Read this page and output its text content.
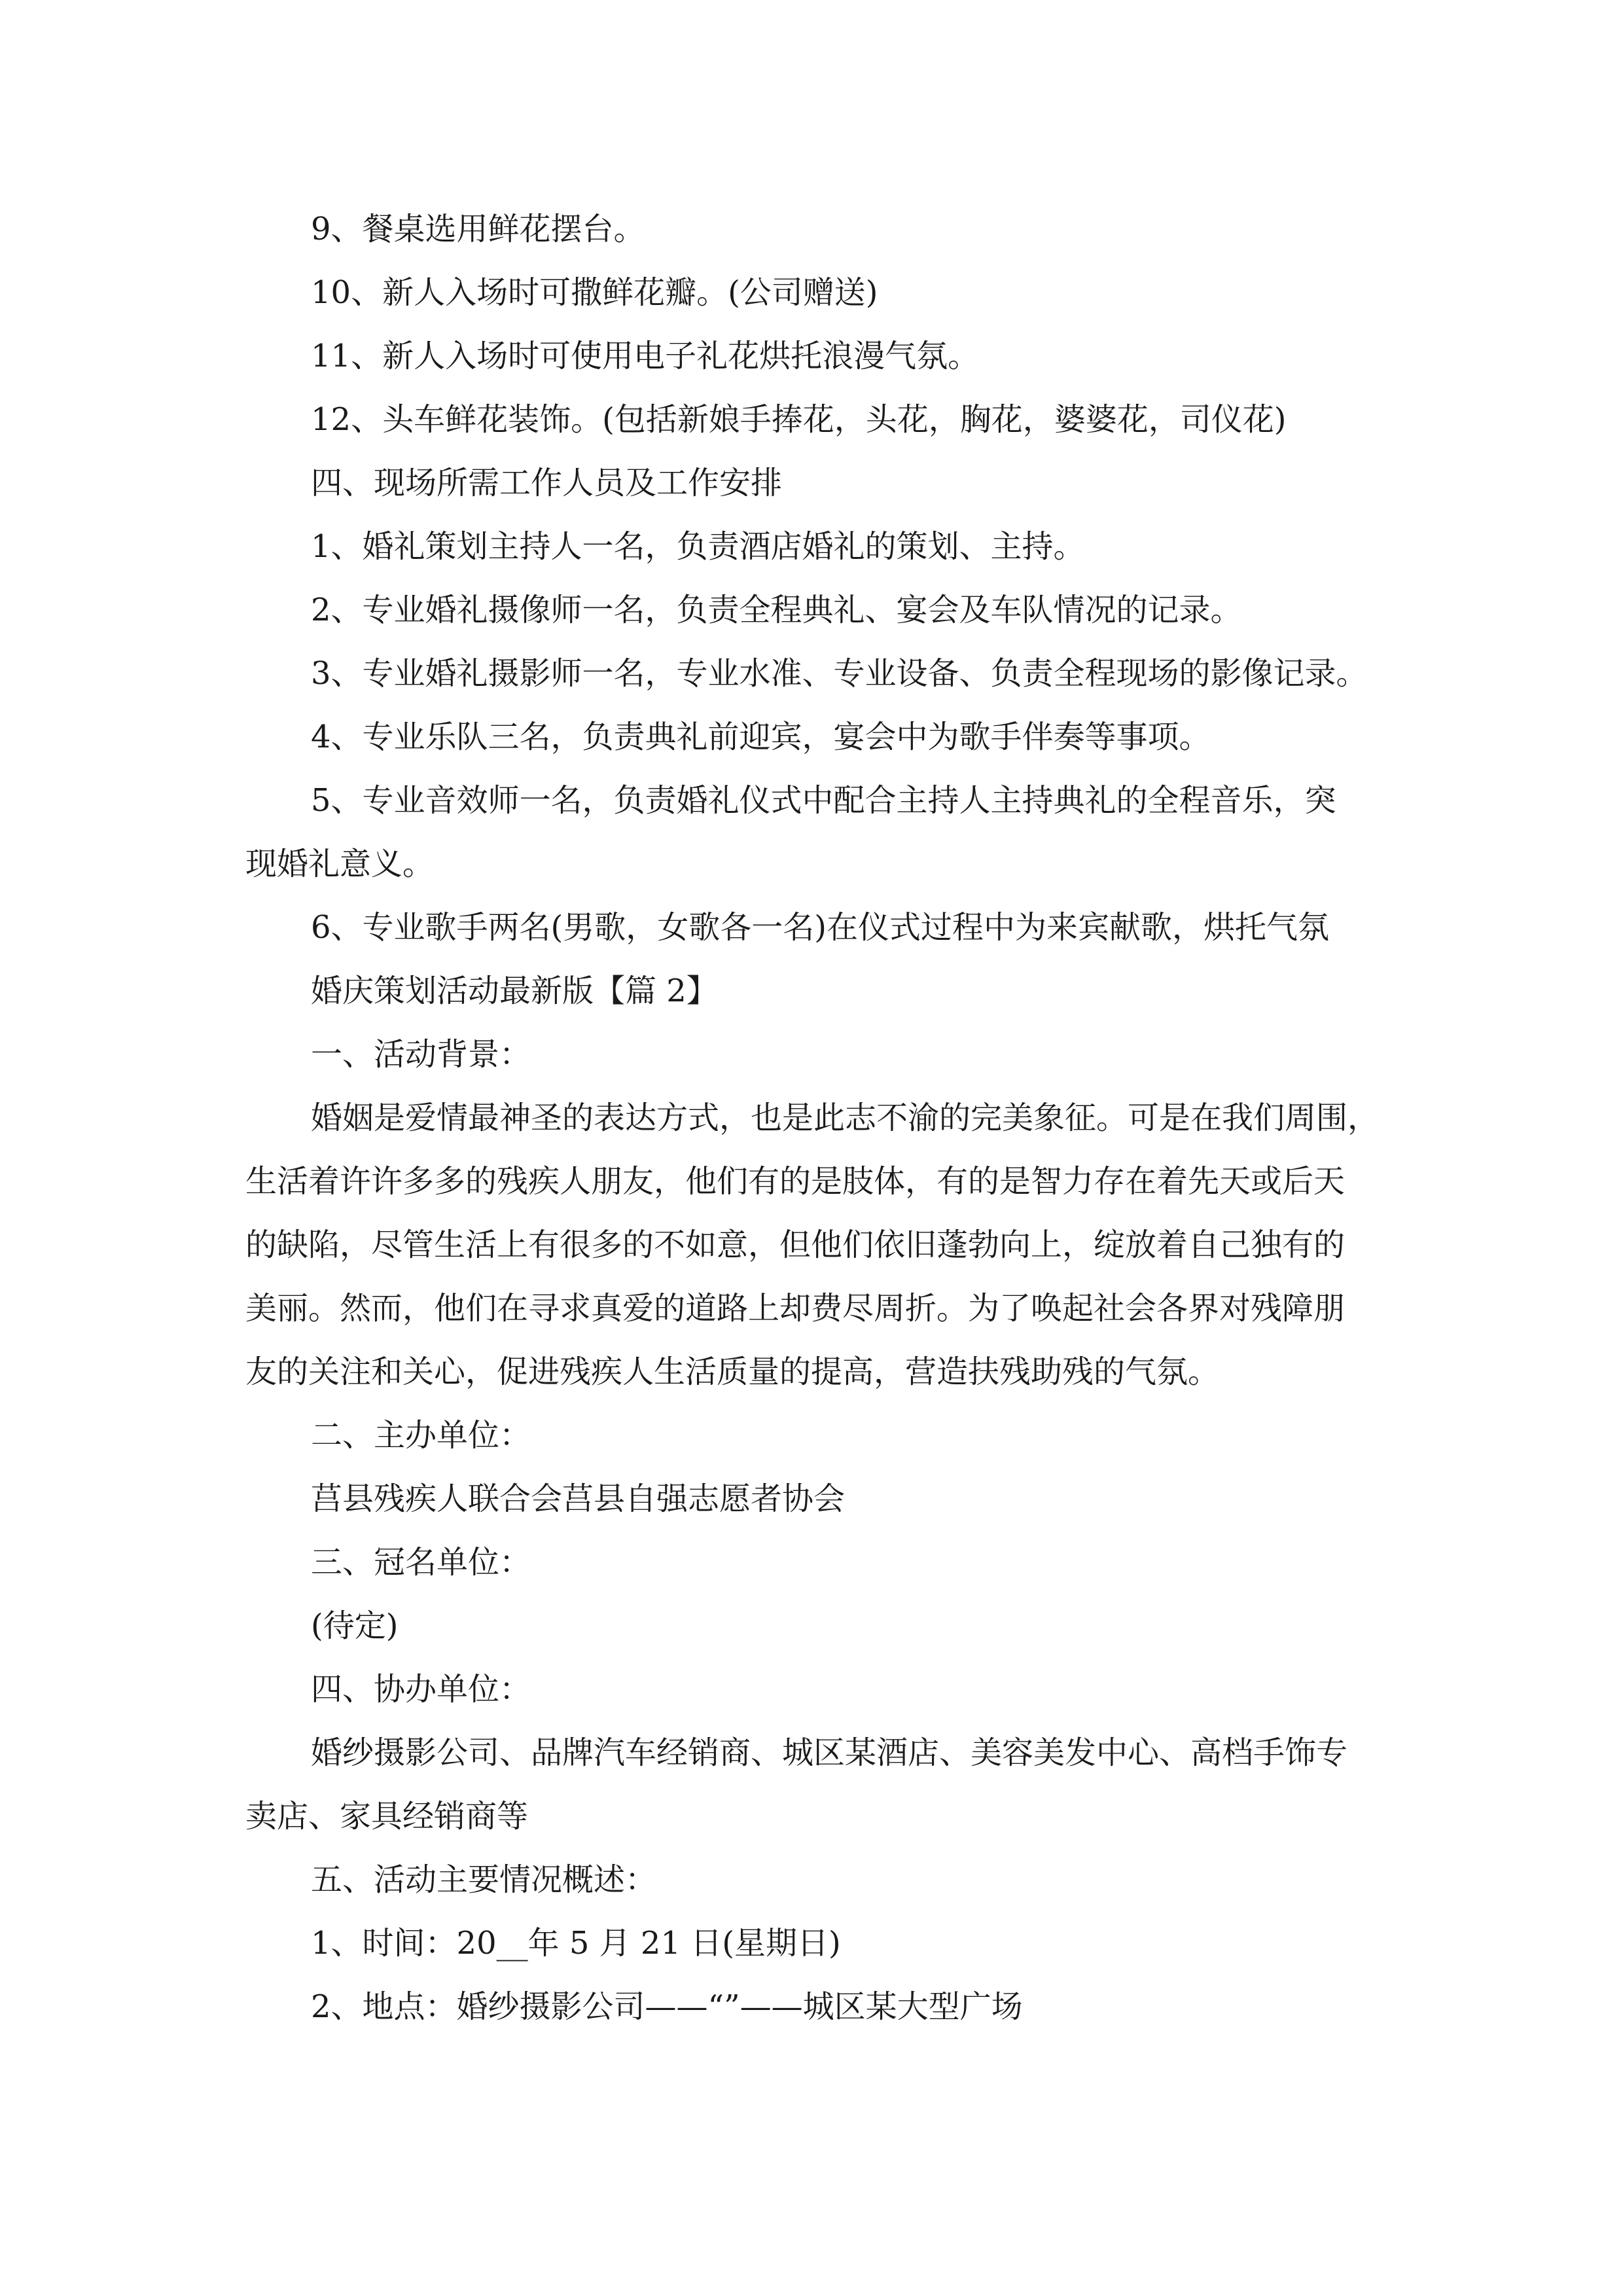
9、餐桌选用鲜花摆台。
10、新人入场时可撒鲜花瓣。(公司赠送)
11、新人入场时可使用电子礼花烘托浪漫气氛。
12、头车鲜花装饰。(包括新娘手捧花，头花，胸花，婆婆花，司仪花)
四、现场所需工作人员及工作安排
1、婚礼策划主持人一名，负责酒店婚礼的策划、主持。
2、专业婚礼摄像师一名，负责全程典礼、宴会及车队情况的记录。
3、专业婚礼摄影师一名，专业水准、专业设备、负责全程现场的影像记录。
4、专业乐队三名，负责典礼前迎宾，宴会中为歌手伴奏等事项。
5、专业音效师一名，负责婚礼仪式中配合主持人主持典礼的全程音乐，突
现婚礼意义。
6、专业歌手两名(男歌，女歌各一名)在仪式过程中为来宾献歌，烘托气氛
婚庆策划活动最新版【篇 2】
一、活动背景：
婚姻是爱情最神圣的表达方式，也是此志不渝的完美象征。可是在我们周围，
生活着许许多多的残疾人朋友，他们有的是肢体，有的是智力存在着先天或后天
的缺陷，尽管生活上有很多的不如意，但他们依旧蓬勃向上，绽放着自己独有的
美丽。然而，他们在寻求真爱的道路上却费尽周折。为了唤起社会各界对残障朋
友的关注和关心，促进残疾人生活质量的提高，营造扶残助残的气氛。
二、主办单位：
莒县残疾人联合会莒县自强志愿者协会
三、冠名单位：
(待定)
四、协办单位：
婚纱摄影公司、品牌汽车经销商、城区某酒店、美容美发中心、高档手饰专
卖店、家具经销商等
五、活动主要情况概述：
1、时间：20__年 5 月 21 日(星期日)
2、地点：婚纱摄影公司——“”——城区某大型广场
